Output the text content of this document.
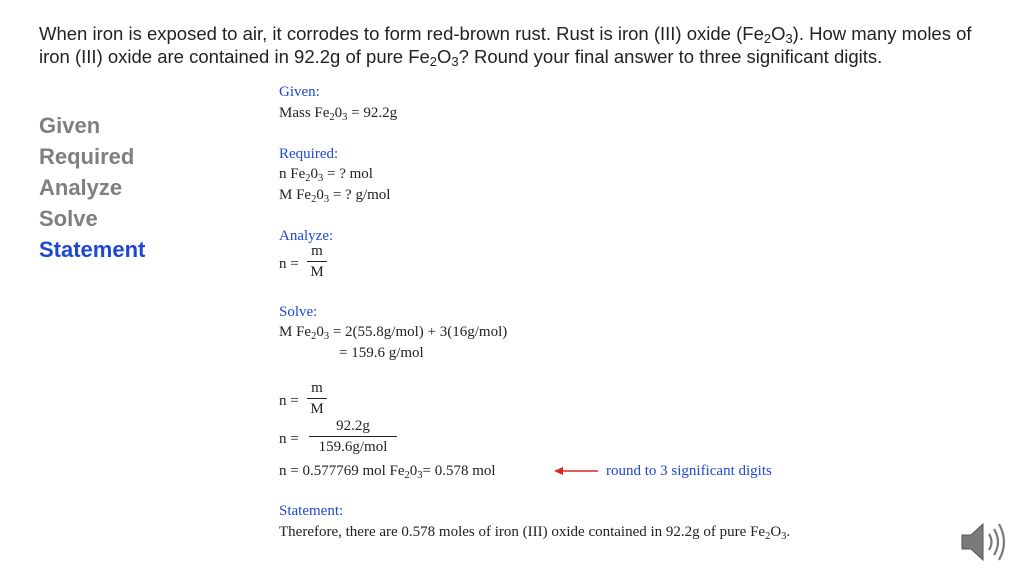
When iron is exposed to air, it corrodes to form red-brown rust. Rust is iron (III) oxide $(Fe_2O_3)$. How many moles of iron (III) oxide are contained in 92.2g of pure $Fe_2O_3$? Round your final answer to three significant digits.
Given
Required
Analyze
Solve
Statement
Given:
Mass $Fe_20_3 = 92.2g$
Required:
n $Fe_20_3$ = ? mol
M $Fe_20_3$ = ? g/mol
Analyze:
$n = \frac{m}{M}$
Solve:
M $Fe_20_3 = 2(55.8g/mol) + 3(16g/mol)$
= 159.6 g/mol
$n = \frac{m}{M}$
n =
92.2g
159.6g/mol
n = 0.577769 mol $Fe_20_3= 0.578$ mol	round to 3 significant digits
Statement:
Therefore, there are 0.578 moles of iron (III) oxide contained in 92.2g of pure $Fe_2O_3$.
